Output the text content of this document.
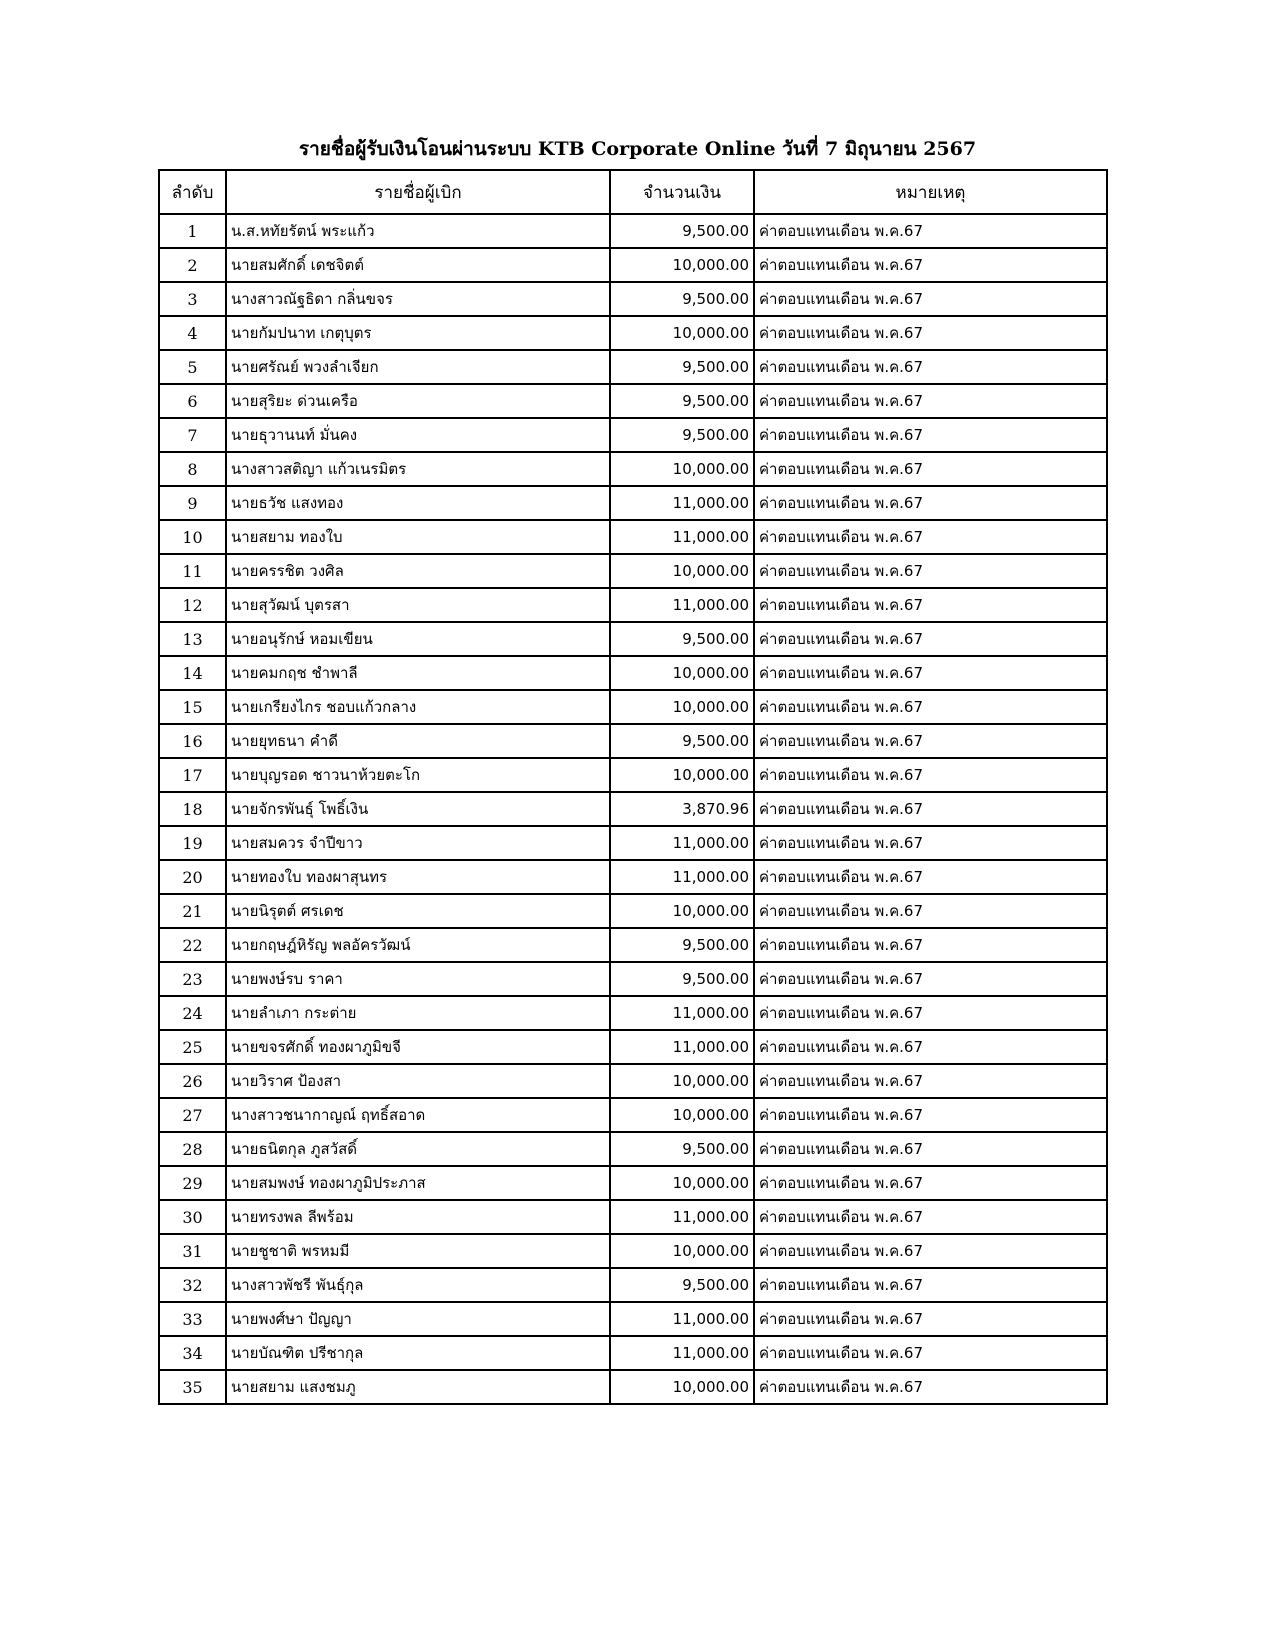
รายชื่อผู้รับเงินโอนผ่านระบบ KTB Corporate Online วันที่ 7 มิถุนายน 2567
ลำดับ	รายชื่อผู้เบิก	จำนวนเงิน	หมายเหตุ
1	น.ส.หทัยรัตน์ พระแก้ว	9,500.00	ค่าตอบแทนเดือน พ.ค.67
2	นายสมศักดิ์ เดชจิตต์	10,000.00	ค่าตอบแทนเดือน พ.ค.67
3	นางสาวณัฐธิดา กลิ่นขจร	9,500.00	ค่าตอบแทนเดือน พ.ค.67
4	นายกัมปนาท เกตุบุตร	10,000.00	ค่าตอบแทนเดือน พ.ค.67
5	นายศรัณย์ พวงลำเจียก	9,500.00	ค่าตอบแทนเดือน พ.ค.67
6	นายสุริยะ ด่วนเครือ	9,500.00	ค่าตอบแทนเดือน พ.ค.67
7	นายธุวานนท์ มั่นคง	9,500.00	ค่าตอบแทนเดือน พ.ค.67
8	นางสาวสติญา แก้วเนรมิตร	10,000.00	ค่าตอบแทนเดือน พ.ค.67
9	นายธวัช แสงทอง	11,000.00	ค่าตอบแทนเดือน พ.ค.67
10	นายสยาม ทองใบ	11,000.00	ค่าตอบแทนเดือน พ.ค.67
11	นายครรชิต วงศิล	10,000.00	ค่าตอบแทนเดือน พ.ค.67
12	นายสุวัฒน์ บุตรสา	11,000.00	ค่าตอบแทนเดือน พ.ค.67
13	นายอนุรักษ์ หอมเขียน	9,500.00	ค่าตอบแทนเดือน พ.ค.67
14	นายคมกฤช ชำพาลี	10,000.00	ค่าตอบแทนเดือน พ.ค.67
15	นายเกรียงไกร ชอบแก้วกลาง	10,000.00	ค่าตอบแทนเดือน พ.ค.67
16	นายยุทธนา คำดี	9,500.00	ค่าตอบแทนเดือน พ.ค.67
17	นายบุญรอด ชาวนาห้วยตะโก	10,000.00	ค่าตอบแทนเดือน พ.ค.67
18	นายจักรพันธุ์ โพธิ์เงิน	3,870.96	ค่าตอบแทนเดือน พ.ค.67
19	นายสมควร จำปีขาว	11,000.00	ค่าตอบแทนเดือน พ.ค.67
20	นายทองใบ ทองผาสุนทร	11,000.00	ค่าตอบแทนเดือน พ.ค.67
21	นายนิรุตต์ ศรเดช	10,000.00	ค่าตอบแทนเดือน พ.ค.67
22	นายกฤษฎ์หิรัญ พลอัครวัฒน์	9,500.00	ค่าตอบแทนเดือน พ.ค.67
23	นายพงษ์รบ ราคา	9,500.00	ค่าตอบแทนเดือน พ.ค.67
24	นายลำเภา กระต่าย	11,000.00	ค่าตอบแทนเดือน พ.ค.67
25	นายขจรศักดิ์ ทองผาภูมิขจี	11,000.00	ค่าตอบแทนเดือน พ.ค.67
26	นายวิราศ ป้องสา	10,000.00	ค่าตอบแทนเดือน พ.ค.67
27	นางสาวชนากาญณ์ ฤทธิ์สอาด	10,000.00	ค่าตอบแทนเดือน พ.ค.67
28	นายธนิตกุล ภูสวัสดิ์	9,500.00	ค่าตอบแทนเดือน พ.ค.67
29	นายสมพงษ์ ทองผาภูมิประภาส	10,000.00	ค่าตอบแทนเดือน พ.ค.67
30	นายทรงพล ลีพร้อม	11,000.00	ค่าตอบแทนเดือน พ.ค.67
31	นายชูชาติ พรหมมี	10,000.00	ค่าตอบแทนเดือน พ.ค.67
32	นางสาวพัชรี พันธุ์กุล	9,500.00	ค่าตอบแทนเดือน พ.ค.67
33	นายพงศ์ษา ปัญญา	11,000.00	ค่าตอบแทนเดือน พ.ค.67
34	นายบัณฑิต ปรีชากุล	11,000.00	ค่าตอบแทนเดือน พ.ค.67
35	นายสยาม แสงชมภู	10,000.00	ค่าตอบแทนเดือน พ.ค.67
